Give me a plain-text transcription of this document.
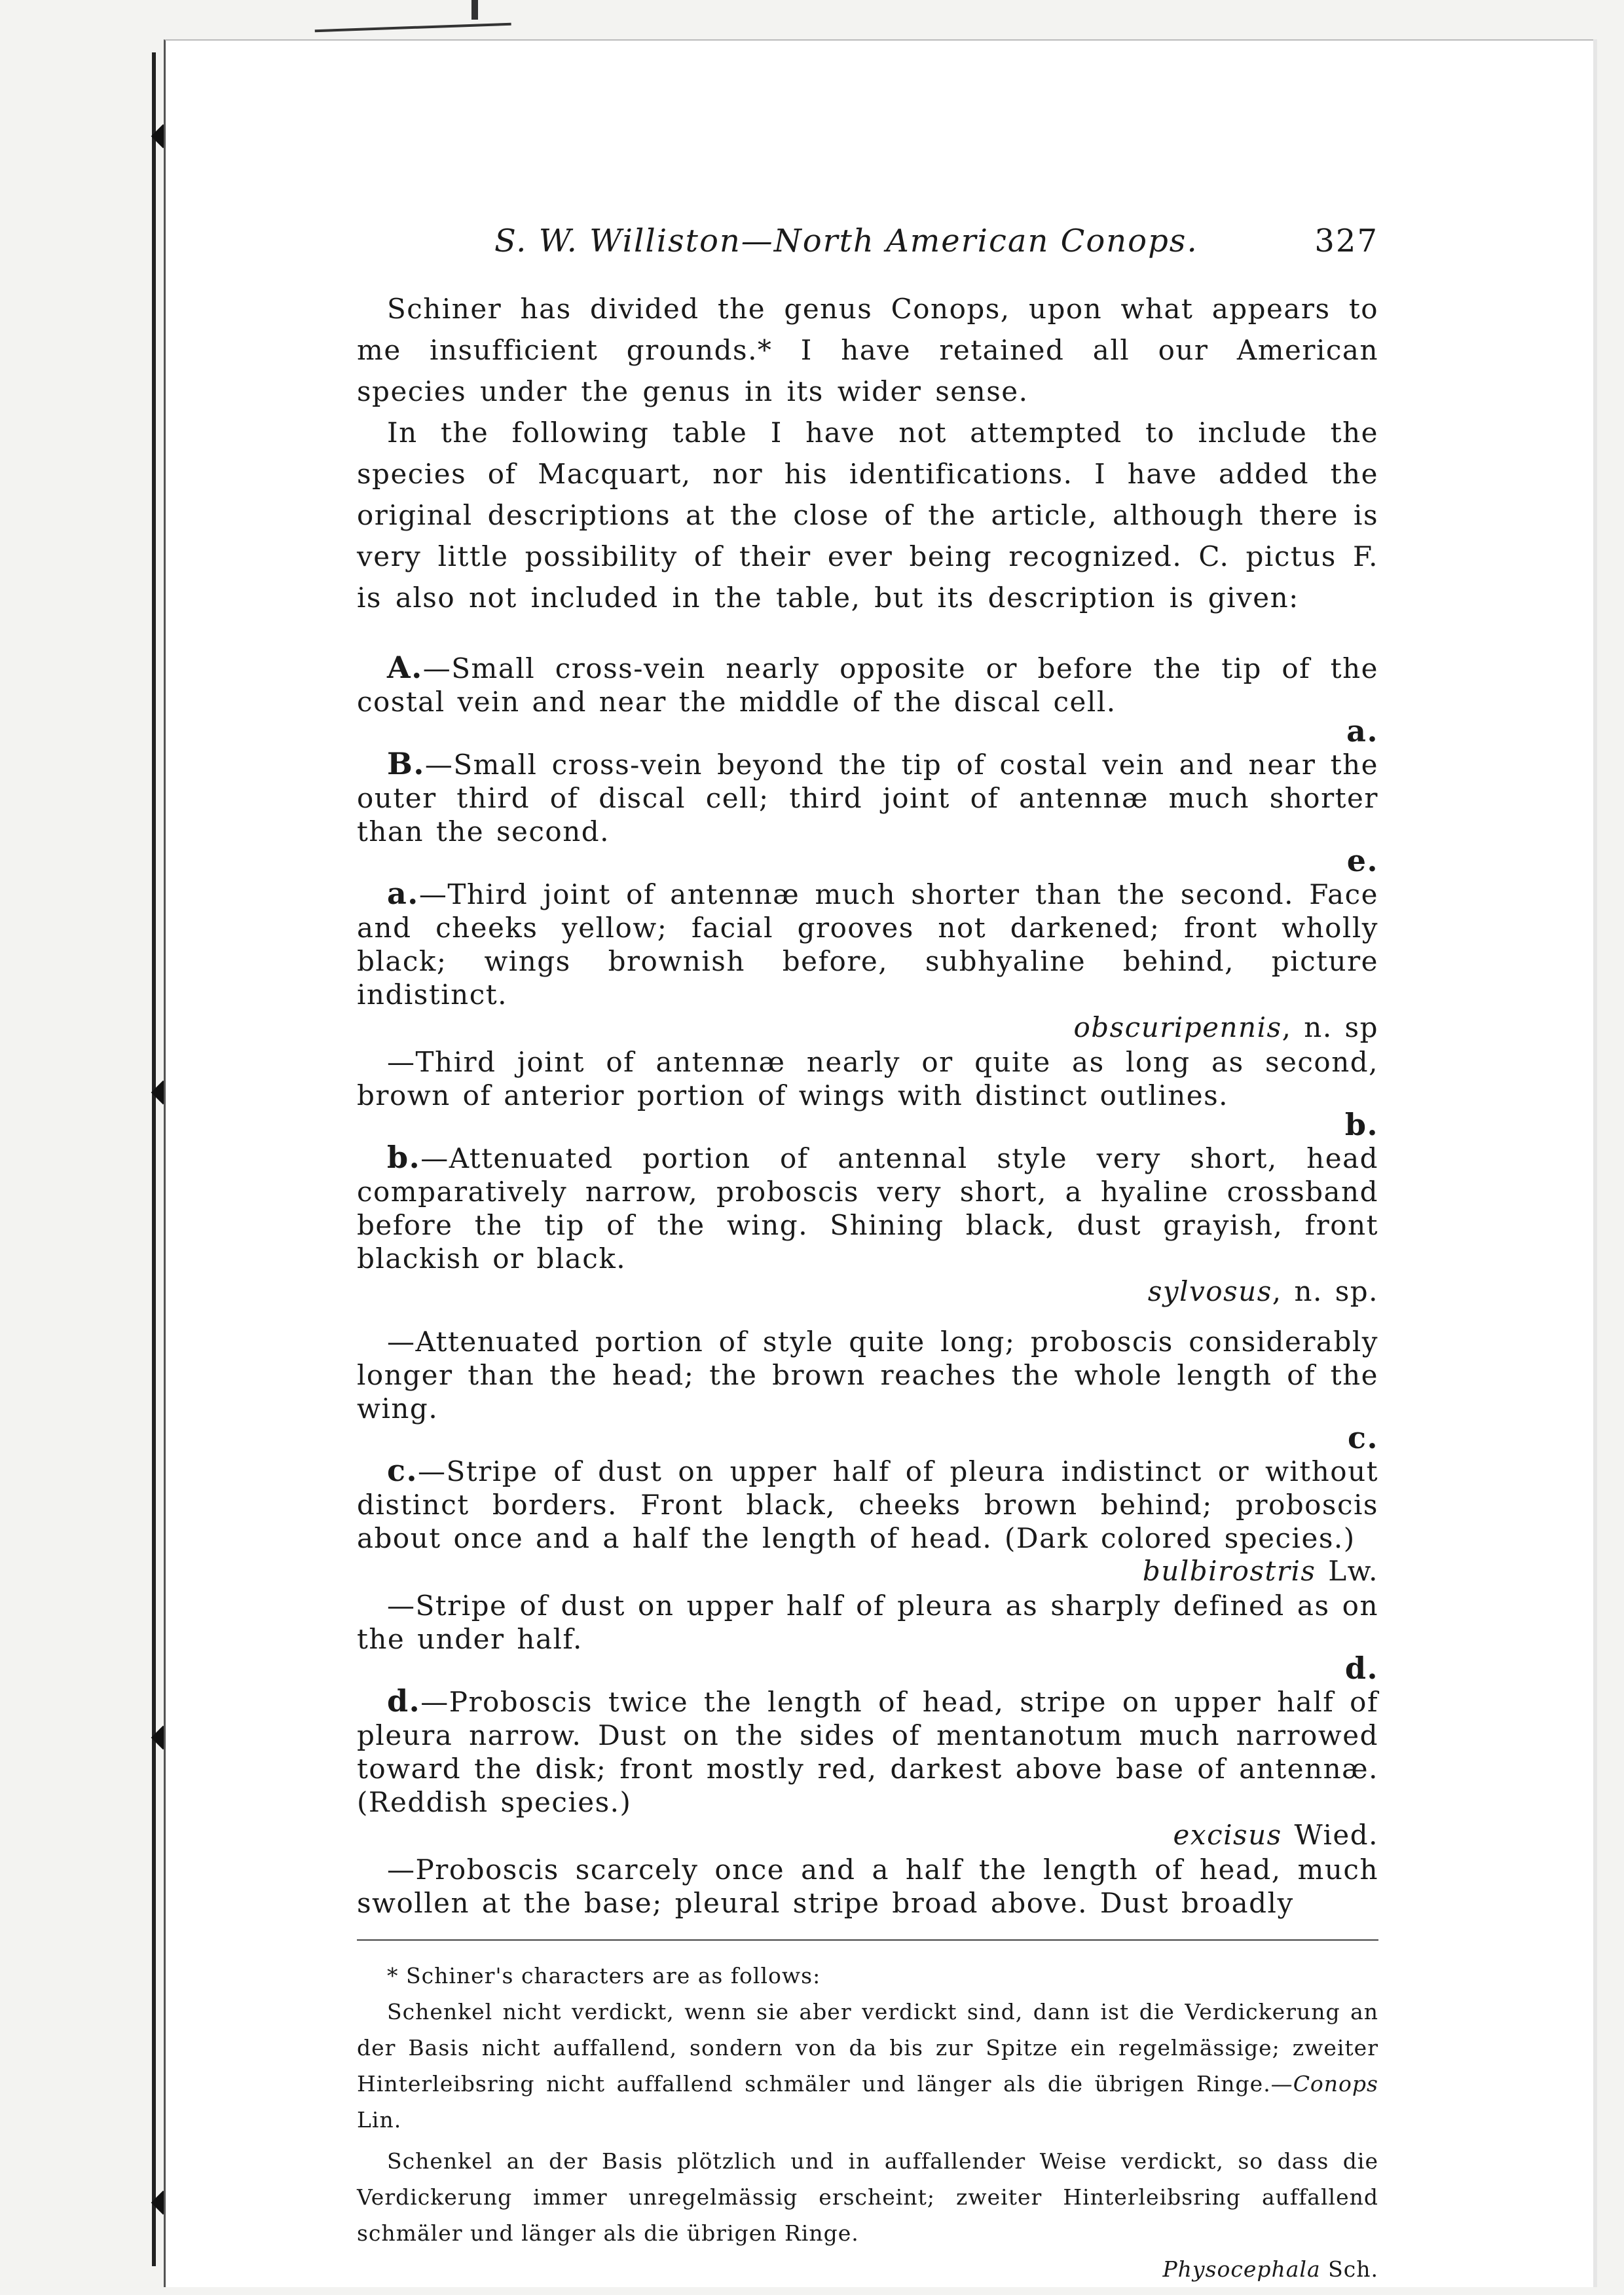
S. W. Williston—North American Conops.	327

Schiner has divided the genus Conops, upon what appears to me insufficient grounds.* I have retained all our American species under the genus in its wider sense.

In the following table I have not attempted to include the species of Macquart, nor his identifications. I have added the original descriptions at the close of the article, although there is very little possibility of their ever being recognized. C. pictus F. is also not included in the table, but its description is given:

A.—Small cross-vein nearly opposite or before the tip of the costal vein and near the middle of the discal cell.
a.
B.—Small cross-vein beyond the tip of costal vein and near the outer third of discal cell; third joint of antennæ much shorter than the second.
e.
a.—Third joint of antennæ much shorter than the second. Face and cheeks yellow; facial grooves not darkened; front wholly black; wings brownish before, subhyaline behind, picture indistinct.
obscuripennis, n. sp
—Third joint of antennæ nearly or quite as long as second, brown of anterior portion of wings with distinct outlines.
b.
b.—Attenuated portion of antennal style very short, head comparatively narrow, proboscis very short, a hyaline crossband before the tip of the wing. Shining black, dust grayish, front blackish or black.
sylvosus, n. sp.
—Attenuated portion of style quite long; proboscis considerably longer than the head; the brown reaches the whole length of the wing.
c.
c.—Stripe of dust on upper half of pleura indistinct or without distinct borders. Front black, cheeks brown behind; proboscis about once and a half the length of head. (Dark colored species.)
bulbirostris Lw.
—Stripe of dust on upper half of pleura as sharply defined as on the under half.
d.
d.—Proboscis twice the length of head, stripe on upper half of pleura narrow. Dust on the sides of mentanotum much narrowed toward the disk; front mostly red, darkest above base of antennæ. (Reddish species.)
excisus Wied.
—Proboscis scarcely once and a half the length of head, much swollen at the base; pleural stripe broad above. Dust broadly
* Schiner's characters are as follows:

Schenkel nicht verdickt, wenn sie aber verdickt sind, dann ist die Verdickerung an der Basis nicht auffallend, sondern von da bis zur Spitze ein regelmässige; zweiter Hinterleibsring nicht auffallend schmäler und länger als die übrigen Ringe.—Conops Lin.

Schenkel an der Basis plötzlich und in auffallender Weise verdickt, so dass die Verdickerung immer unregelmässig erscheint; zweiter Hinterleibsring auffallend schmäler und länger als die übrigen Ringe.

Physocephala Sch.
